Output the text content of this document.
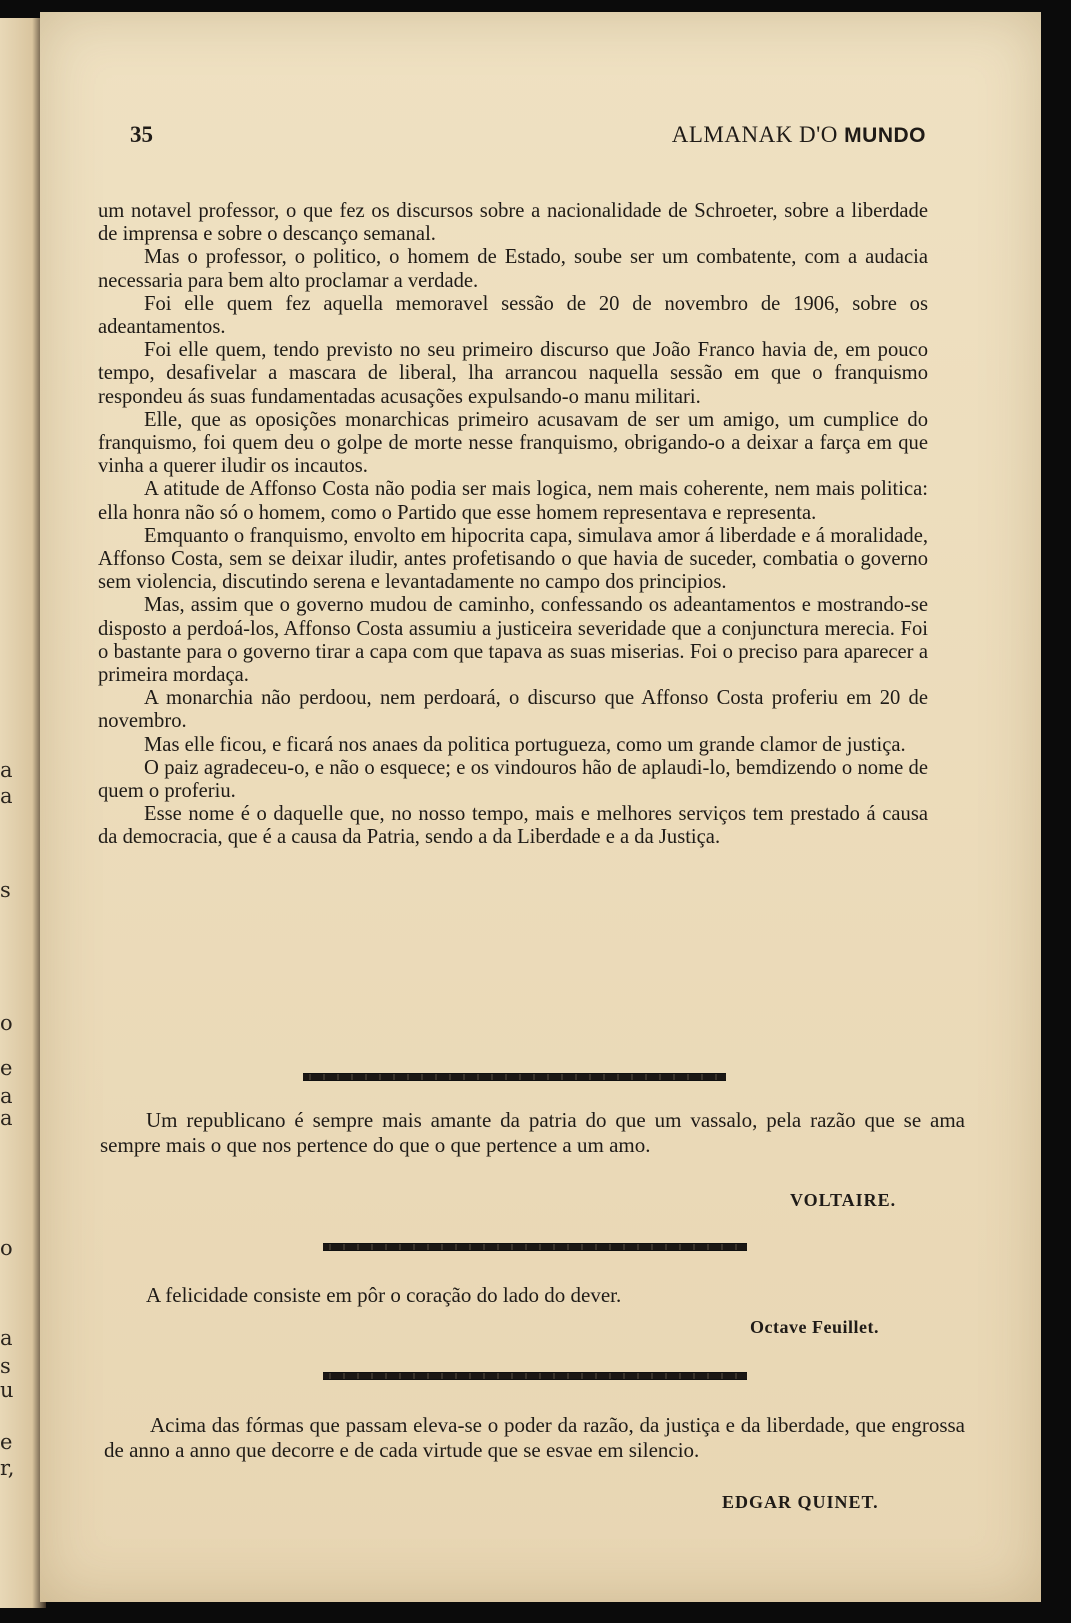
a
a
s
o
e
a
a
o
a
s
u
e
r,
35	ALMANAK D'O MUNDO

um notavel professor, o que fez os discursos sobre a nacionalidade de Schroeter, sobre a liberdade de imprensa e sobre o descanço semanal.

Mas o professor, o politico, o homem de Estado, soube ser um combatente, com a audacia necessaria para bem alto proclamar a verdade.

Foi elle quem fez aquella memoravel sessão de 20 de novembro de 1906, sobre os adeantamentos.

Foi elle quem, tendo previsto no seu primeiro discurso que João Franco havia de, em pouco tempo, desafivelar a mascara de liberal, lha arrancou naquella sessão em que o franquismo respondeu ás suas fundamentadas acusações expulsando-o manu militari.

Elle, que as oposições monarchicas primeiro acusavam de ser um amigo, um cumplice do franquismo, foi quem deu o golpe de morte nesse franquismo, obrigando-o a deixar a farça em que vinha a querer iludir os incautos.

A atitude de Affonso Costa não podia ser mais logica, nem mais coherente, nem mais politica: ella honra não só o homem, como o Partido que esse homem representava e representa.

Emquanto o franquismo, envolto em hipocrita capa, simulava amor á liberdade e á moralidade, Affonso Costa, sem se deixar iludir, antes profetisando o que havia de suceder, combatia o governo sem violencia, discutindo serena e levantadamente no campo dos principios.

Mas, assim que o governo mudou de caminho, confessando os adeantamentos e mostrando-se disposto a perdoá-los, Affonso Costa assumiu a justiceira severidade que a conjunctura merecia. Foi o bastante para o governo tirar a capa com que tapava as suas miserias. Foi o preciso para aparecer a primeira mordaça.

A monarchia não perdoou, nem perdoará, o discurso que Affonso Costa proferiu em 20 de novembro.

Mas elle ficou, e ficará nos anaes da politica portugueza, como um grande clamor de justiça.

O paiz agradeceu-o, e não o esquece; e os vindouros hão de aplaudi-lo, bemdizendo o nome de quem o proferiu.

Esse nome é o daquelle que, no nosso tempo, mais e melhores serviços tem prestado á causa da democracia, que é a causa da Patria, sendo a da Liberdade e a da Justiça.

Um republicano é sempre mais amante da patria do que um vassalo, pela razão que se ama sempre mais o que nos pertence do que o que pertence a um amo.

VOLTAIRE.

A felicidade consiste em pôr o coração do lado do dever.

Octave Feuillet.

Acima das fórmas que passam eleva-se o poder da razão, da justiça e da liberdade, que engrossa de anno a anno que decorre e de cada virtude que se esvae em silencio.

EDGAR QUINET.
